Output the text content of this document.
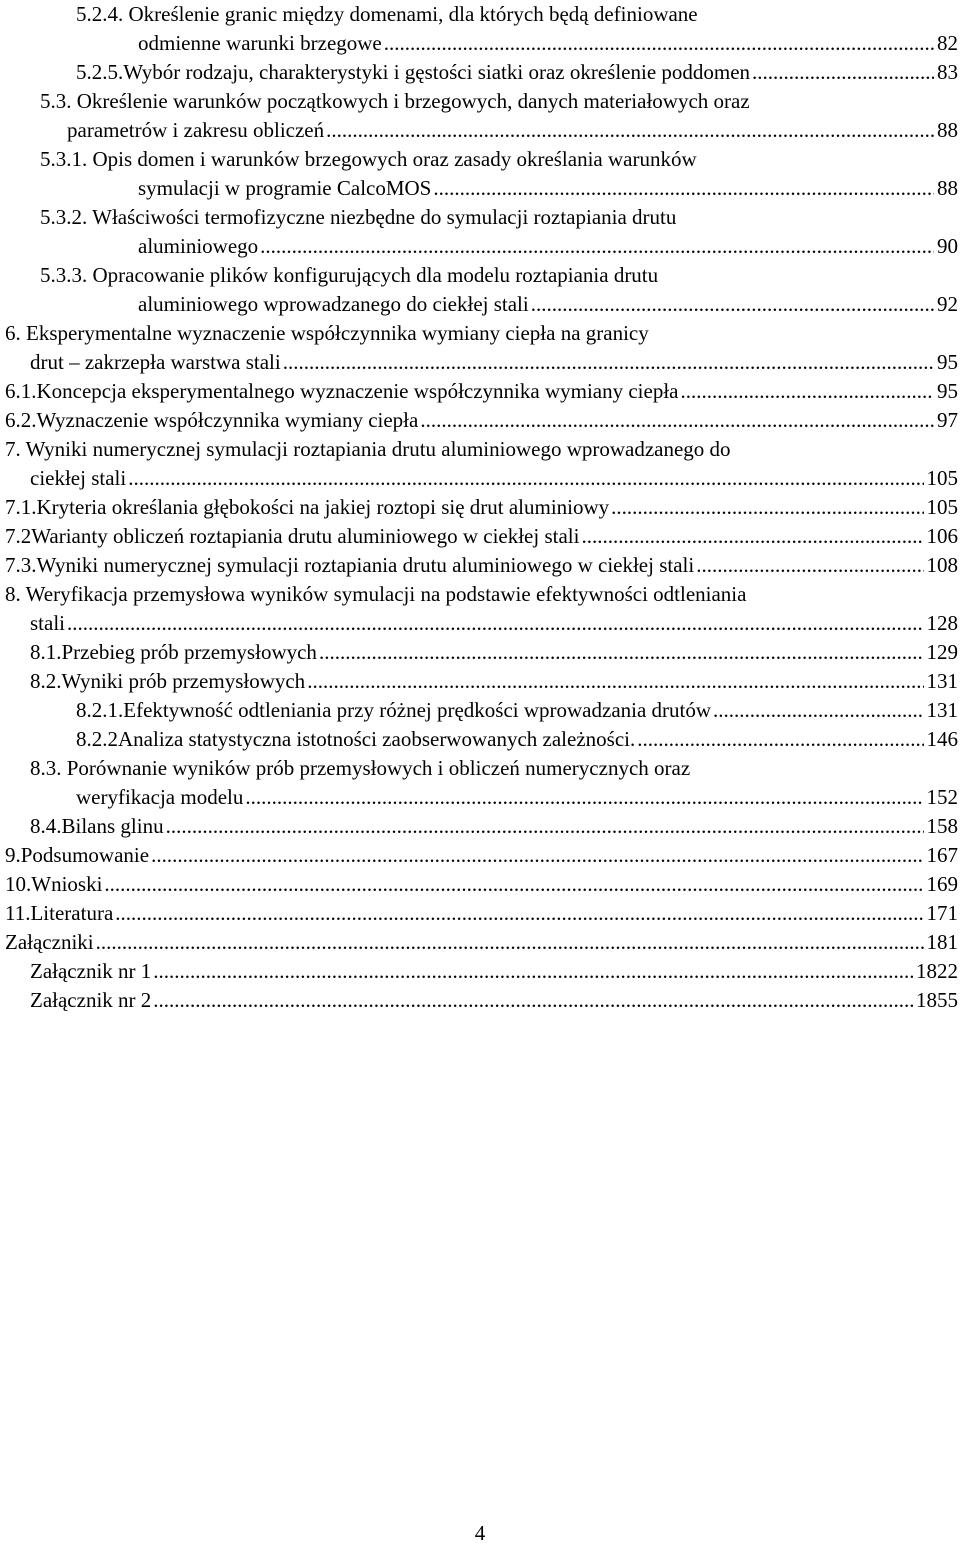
5.2.4. Określenie granic między domenami, dla których będą definiowane
odmienne warunki brzegowe .....	82
5.2.5. Wybór rodzaju, charakterystyki i gęstości siatki oraz określenie poddomen .....	83
5.3. Określenie warunków początkowych i brzegowych, danych materiałowych oraz
parametrów i zakresu obliczeń .....	88
5.3.1. Opis domen i warunków brzegowych oraz zasady określania warunków
symulacji w programie CalcoMOS .....	88
5.3.2. Właściwości termofizyczne niezbędne do symulacji roztapiania drutu
aluminiowego .....	90
5.3.3. Opracowanie plików konfigurujących dla modelu roztapiania drutu
aluminiowego wprowadzanego do ciekłej stali .....	92
6. Eksperymentalne wyznaczenie współczynnika wymiany ciepła na granicy
drut – zakrzepła warstwa stali .....	95
6.1. Koncepcja eksperymentalnego wyznaczenie współczynnika wymiany ciepła .....	95
6.2. Wyznaczenie współczynnika wymiany ciepła .....	97
7. Wyniki numerycznej symulacji roztapiania drutu aluminiowego wprowadzanego do
ciekłej stali .....	105
7.1. Kryteria określania głębokości na jakiej roztopi się drut aluminiowy .....	105
7.2 Warianty obliczeń roztapiania drutu aluminiowego w ciekłej stali .....	106
7.3. Wyniki numerycznej symulacji roztapiania drutu aluminiowego w ciekłej stali .....	108
8. Weryfikacja przemysłowa wyników symulacji na podstawie efektywności odtleniania
stali .....	128
8.1. Przebieg prób przemysłowych .....	129
8.2. Wyniki prób przemysłowych .....	131
8.2.1. Efektywność odtleniania przy różnej prędkości wprowadzania drutów .....	131
8.2.2 Analiza statystyczna istotności zaobserwowanych zależności. .....	146
8.3. Porównanie wyników prób przemysłowych i obliczeń numerycznych oraz
weryfikacja modelu .....	152
8.4. Bilans glinu .....	158
9. Podsumowanie .....	167
10. Wnioski .....	169
11. Literatura .....	171
Załączniki .....	181
Załącznik nr 1 .....	1822
Załącznik nr 2 .....	1855
4
